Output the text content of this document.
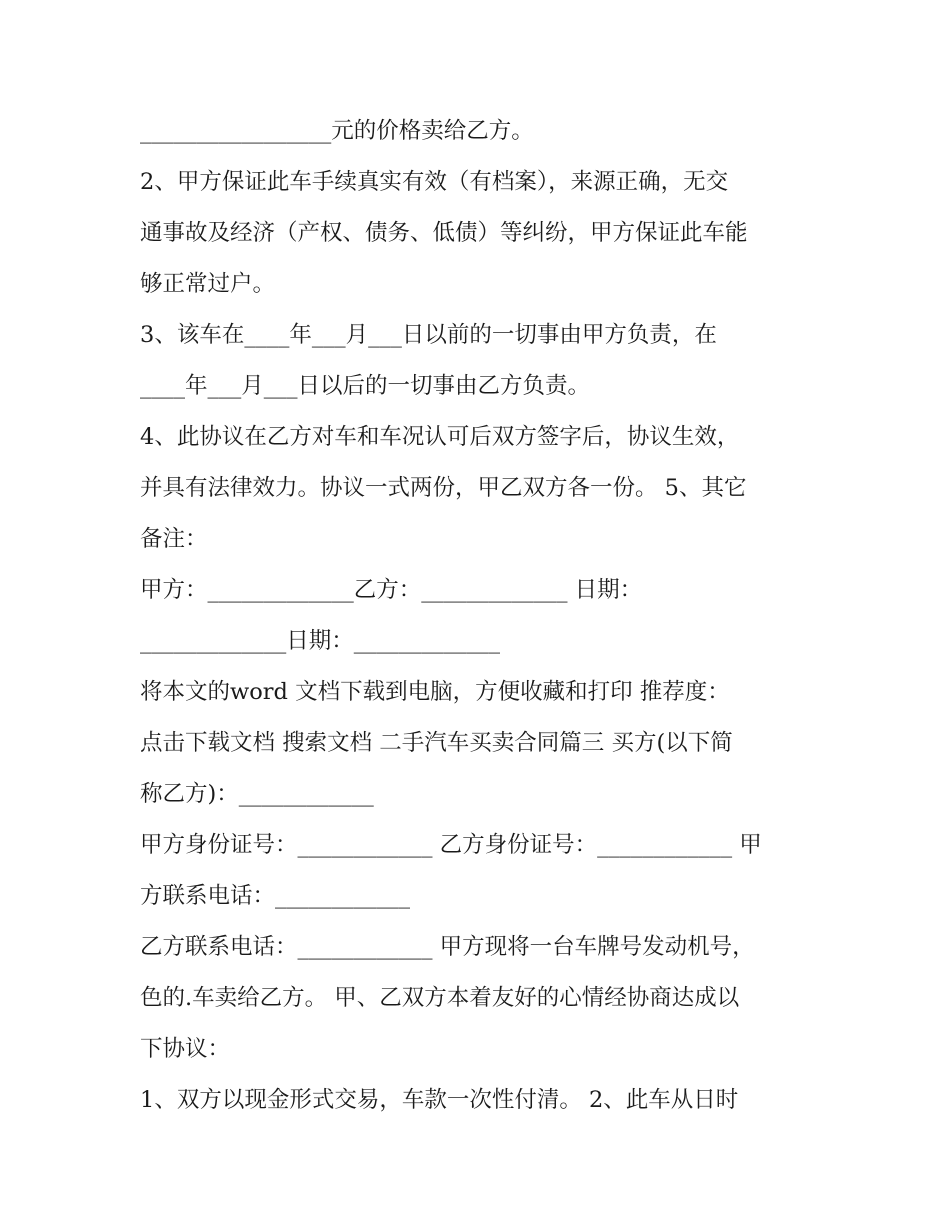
_________________元的价格卖给乙方。
2、甲方保证此车手续真实有效（有档案），来源正确，无交
通事故及经济（产权、债务、低债）等纠纷，甲方保证此车能
够正常过户。
3、该车在____年___月___日以前的一切事由甲方负责，在
____年___月___日以后的一切事由乙方负责。
4、此协议在乙方对车和车况认可后双方签字后，协议生效，
并具有法律效力。协议一式两份，甲乙双方各一份。 5、其它
备注：
甲方：_____________乙方：_____________ 日期：
_____________日期：_____________
将本文的word 文档下载到电脑，方便收藏和打印 推荐度：
点击下载文档 搜索文档 二手汽车买卖合同篇三 买方(以下简
称乙方)：____________
甲方身份证号：____________ 乙方身份证号：____________ 甲
方联系电话：____________
乙方联系电话：____________ 甲方现将一台车牌号发动机号，
色的.车卖给乙方。 甲、乙双方本着友好的心情经协商达成以
下协议：
1、双方以现金形式交易，车款一次性付清。 2、此车从日时
